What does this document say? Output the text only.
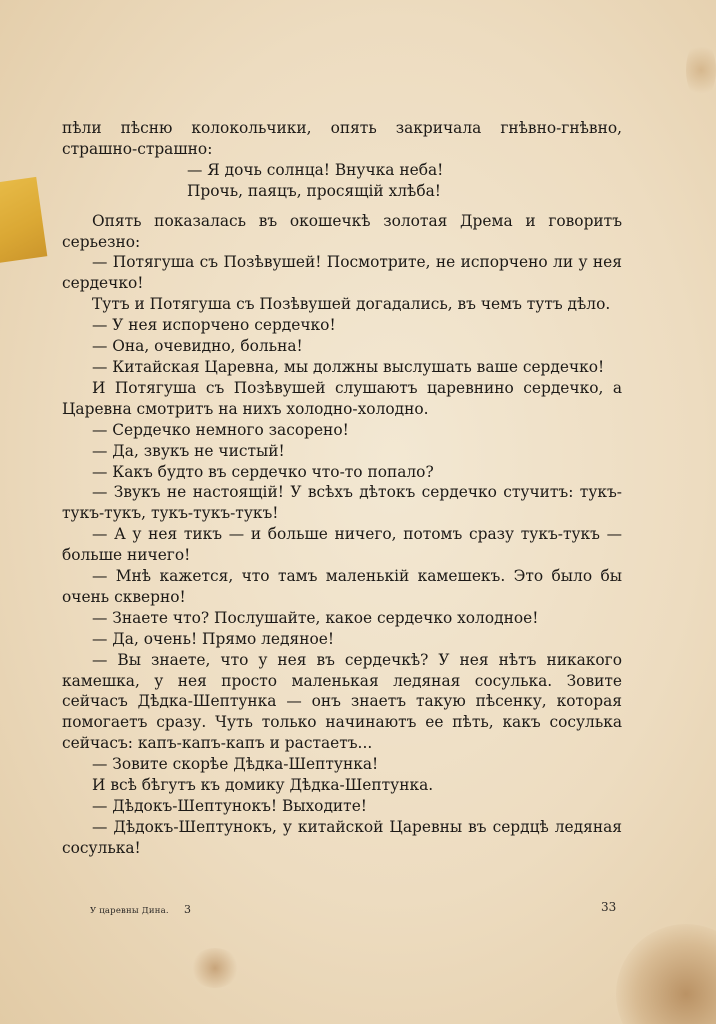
пѣли пѣсню колокольчики, опять закричала гнѣвно-гнѣвно, страшно-страшно:

— Я дочь солнца! Внучка неба!

Прочь, паяцъ, просящій хлѣба!

Опять показалась въ окошечкѣ золотая Дрема и говоритъ серьезно:

— Потягуша съ Позѣвушей! Посмотрите, не испорчено ли у нея сердечко!

Тутъ и Потягуша съ Позѣвушей догадались, въ чемъ тутъ дѣло.

— У нея испорчено сердечко!

— Она, очевидно, больна!

— Китайская Царевна, мы должны выслушать ваше сердечко!

И Потягуша съ Позѣвушей слушаютъ царевнино сердечко, а Царевна смотритъ на нихъ холодно-холодно.

— Сердечко немного засорено!

— Да, звукъ не чистый!

— Какъ будто въ сердечко что-то попало?

— Звукъ не настоящій! У всѣхъ дѣтокъ сердечко стучитъ: тукъ-тукъ-тукъ, тукъ-тукъ-тукъ!

— А у нея тикъ — и больше ничего, потомъ сразу тукъ-тукъ — больше ничего!

— Мнѣ кажется, что тамъ маленькій камешекъ. Это было бы очень скверно!

— Знаете что? Послушайте, какое сердечко холодное!

— Да, очень! Прямо ледяное!

— Вы знаете, что у нея въ сердечкѣ? У нея нѣтъ никакого камешка, у нея просто маленькая ледяная сосулька. Зовите сейчасъ Дѣдка-Шептунка — онъ знаетъ такую пѣсенку, которая помогаетъ сразу. Чуть только начинаютъ ее пѣть, какъ сосулька сейчасъ: капъ-капъ-капъ и растаетъ...

— Зовите скорѣе Дѣдка-Шептунка!

И всѣ бѣгутъ къ домику Дѣдка-Шептунка.

— Дѣдокъ-Шептунокъ! Выходите!

— Дѣдокъ-Шептунокъ, у китайской Царевны въ сердцѣ ледяная сосулька!

У царевны Дина. 3	33
